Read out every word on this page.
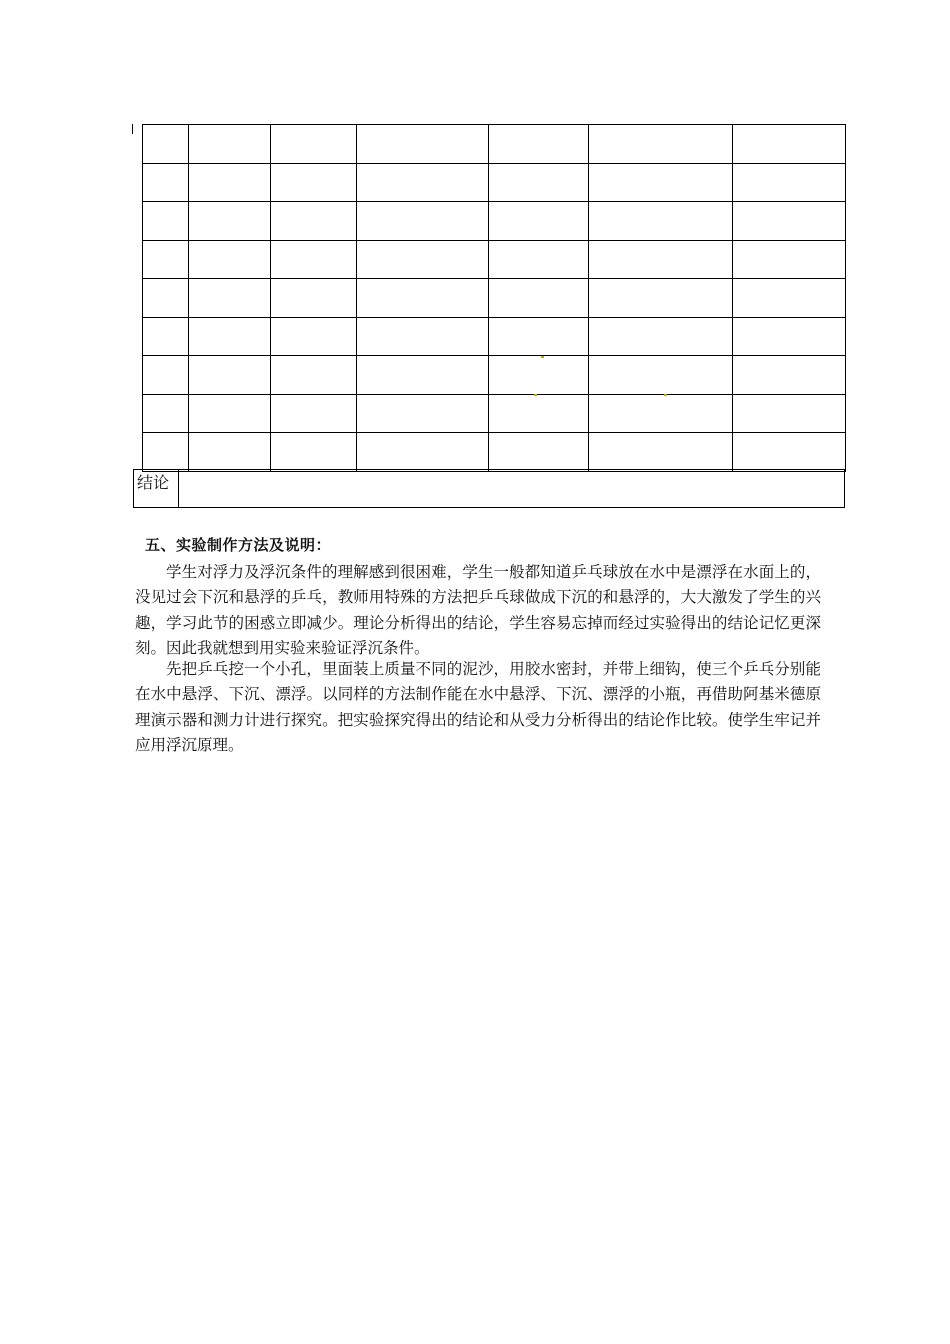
结论
五、实验制作方法及说明：

学生对浮力及浮沉条件的理解感到很困难，学生一般都知道乒乓球放在水中是漂浮在水面上的，没见过会下沉和悬浮的乒乓，教师用特殊的方法把乒乓球做成下沉的和悬浮的，大大激发了学生的兴趣，学习此节的困惑立即减少。理论分析得出的结论，学生容易忘掉而经过实验得出的结论记忆更深刻。因此我就想到用实验来验证浮沉条件。

先把乒乓挖一个小孔，里面装上质量不同的泥沙，用胶水密封，并带上细钩，使三个乒乓分别能在水中悬浮、下沉、漂浮。以同样的方法制作能在水中悬浮、下沉、漂浮的小瓶，再借助阿基米德原理演示器和测力计进行探究。把实验探究得出的结论和从受力分析得出的结论作比较。使学生牢记并应用浮沉原理。
